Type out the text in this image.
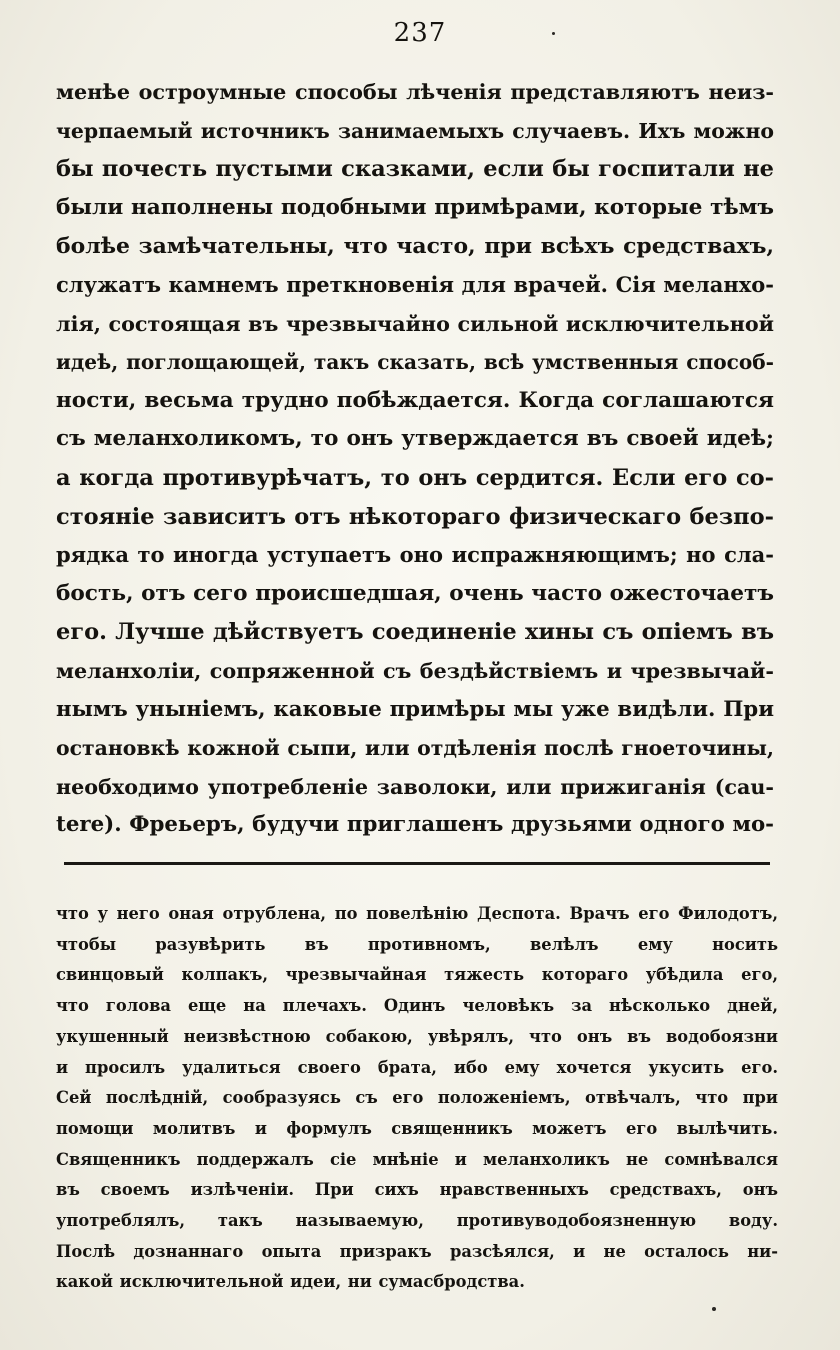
237
менѣе остроумные способы лѣченія представляютъ неиз-
черпаемый источникъ занимаемыхъ случаевъ. Ихъ можно
бы почесть пустыми сказками, если бы госпитали не
были наполнены подобными примѣрами, которые тѣмъ
болѣе замѣчательны, что часто, при всѣхъ средствахъ,
служатъ камнемъ преткновенія для врачей. Сія меланхо-
лія, состоящая въ чрезвычайно сильной исключительной
идеѣ, поглощающей, такъ сказать, всѣ умственныя способ-
ности, весьма трудно побѣждается. Когда соглашаются
съ меланхоликомъ, то онъ утверждается въ своей идеѣ;
а когда противурѣчатъ, то онъ сердится. Если его со-
стояніе зависитъ отъ нѣкотораго физическаго безпо-
рядка то иногда уступаетъ оно испражняющимъ; но сла-
бость, отъ сего происшедшая, очень часто ожесточаетъ
его. Лучше дѣйствуетъ соединеніе хины съ опіемъ въ
меланхоліи, сопряженной съ бездѣйствіемъ и чрезвычай-
нымъ уныніемъ, каковые примѣры мы уже видѣли. При
остановкѣ кожной сыпи, или отдѣленія послѣ гноеточины,
необходимо употребленіе заволоки, или прижиганія (cau-
tere). Фреьеръ, будучи приглашенъ друзьями одного мо-
что у него оная отрублена, по повелѣнію Деспота. Врачъ его Филодотъ,
чтобы разувѣрить въ противномъ, велѣлъ ему носить
свинцовый колпакъ, чрезвычайная тяжесть котораго убѣдила его,
что голова еще на плечахъ. Одинъ человѣкъ за нѣсколько дней,
укушенный неизвѣстною собакою, увѣрялъ, что онъ въ водобоязни
и просилъ удалиться своего брата, ибо ему хочется укусить его.
Сей послѣдній, сообразуясь съ его положеніемъ, отвѣчалъ, что при
помощи молитвъ и формулъ священникъ можетъ его вылѣчить.
Священникъ поддержалъ сіе мнѣніе и меланхоликъ не сомнѣвался
въ своемъ излѣченіи. При сихъ нравственныхъ средствахъ, онъ
употреблялъ, такъ называемую, противуводобоязненную воду.
Послѣ дознаннаго опыта призракъ разсѣялся, и не осталось ни-
какой исключительной идеи, ни сумасбродства.
